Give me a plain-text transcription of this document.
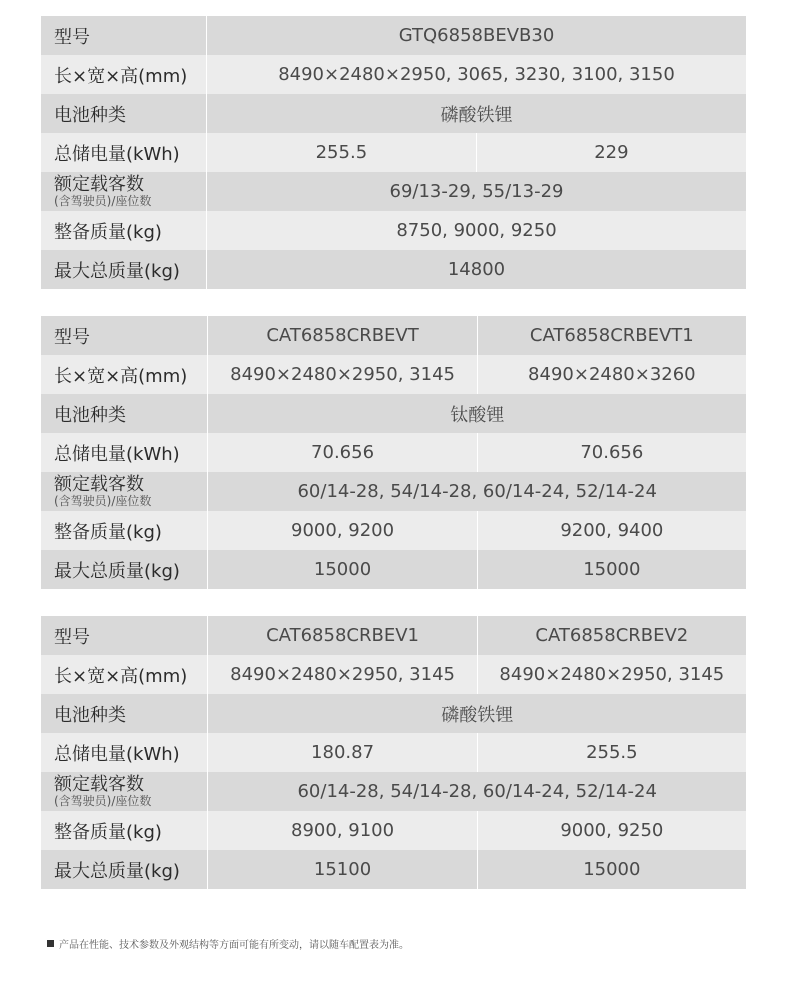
型号	GTQ6858BEVB30	
长×宽×高(mm)	8490×2480×2950, 3065, 3230, 3100, 3150	
电池种类	磷酸铁锂	
总储电量(kWh)	255.5	229

额定载客数
(含驾驶员)/座位数	69/13-29, 55/13-29	
整备质量(kg)	8750, 9000, 9250	
最大总质量(kg)	14800	
型号	CAT6858CRBEVT	CAT6858CRBEVT1
长×宽×高(mm)	8490×2480×2950, 3145	8490×2480×3260
电池种类	钛酸锂	
总储电量(kWh)	70.656	70.656

额定载客数
(含驾驶员)/座位数	60/14-28, 54/14-28, 60/14-24, 52/14-24	
整备质量(kg)	9000, 9200	9200, 9400
最大总质量(kg)	15000	15000
型号	CAT6858CRBEV1	CAT6858CRBEV2
长×宽×高(mm)	8490×2480×2950, 3145	8490×2480×2950, 3145
电池种类	磷酸铁锂	
总储电量(kWh)	180.87	255.5

额定载客数
(含驾驶员)/座位数	60/14-28, 54/14-28, 60/14-24, 52/14-24	
整备质量(kg)	8900, 9100	9000, 9250
最大总质量(kg)	15100	15000
产品在性能、技术参数及外观结构等方面可能有所变动，请以随车配置表为准。
